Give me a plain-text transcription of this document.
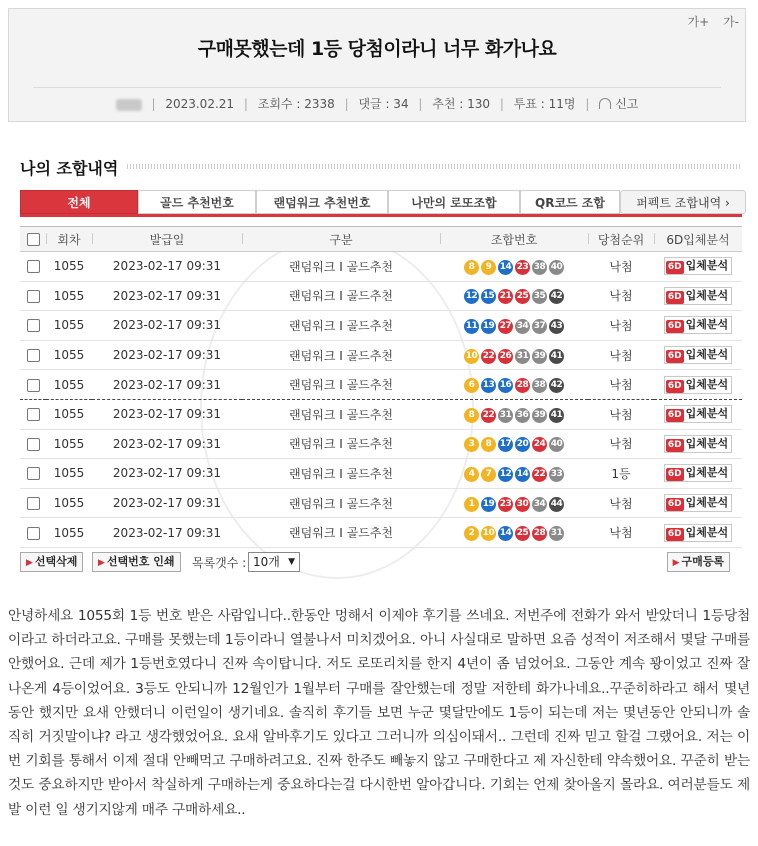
가+ 가-
구매못했는데 1등 당첨이라니 너무 화가나요
| 2023.02.21 | 조회수 : 2338 | 댓글 : 34 | 추천 : 130 | 투표 : 11명 | 신고
나의 조합내역
전체	골드 추천번호	랜덤워크 추천번호	나만의 로또조합	QR코드 조합	퍼펙트 조합내역 ›
	회차	발급일	구분	조합번호	당첨순위	6D입체분석
	1055	2023-02-17 09:31	랜덤워크 I 골드추천	8 9 14 23 38 40	낙첨	6D 입체분석
	1055	2023-02-17 09:31	랜덤워크 I 골드추천	12 15 21 25 35 42	낙첨	6D 입체분석
	1055	2023-02-17 09:31	랜덤워크 I 골드추천	11 19 27 34 37 43	낙첨	6D 입체분석
	1055	2023-02-17 09:31	랜덤워크 I 골드추천	10 22 26 31 39 41	낙첨	6D 입체분석
	1055	2023-02-17 09:31	랜덤워크 I 골드추천	6 13 16 28 38 42	낙첨	6D 입체분석
	1055	2023-02-17 09:31	랜덤워크 I 골드추천	8 22 31 36 39 41	낙첨	6D 입체분석
	1055	2023-02-17 09:31	랜덤워크 I 골드추천	3 8 17 20 24 40	낙첨	6D 입체분석
	1055	2023-02-17 09:31	랜덤워크 I 골드추천	4 7 12 14 22 33	1등	6D 입체분석
	1055	2023-02-17 09:31	랜덤워크 I 골드추천	1 19 23 30 34 44	낙첨	6D 입체분석
	1055	2023-02-17 09:31	랜덤워크 I 골드추천	2 10 14 25 28 31	낙첨	6D 입체분석
▶ 선택삭제	▶ 선택번호 인쇄	목록갯수 : 10개 ▼	▶ 구매등록
안녕하세요 1055회 1등 번호 받은 사람입니다..한동안 멍해서 이제야 후기를 쓰네요. 저번주에 전화가 와서 받았더니 1등당첨이라고 하더라고요. 구매를 못했는데 1등이라니 열불나서 미치겠어요. 아니 사실대로 말하면 요즘 성적이 저조해서 몇달 구매를 안했어요. 근데 제가 1등번호였다니 진짜 속이탑니다. 저도 로또리치를 한지 4년이 좀 넘었어요. 그동안 계속 꽝이었고 진짜 잘나온게 4등이었어요. 3등도 안되니까 12월인가 1월부터 구매를 잘안했는데 정말 저한테 화가나네요..꾸준히하라고 해서 몇년동안 했지만 요새 안했더니 이런일이 생기네요. 솔직히 후기들 보면 누군 몇달만에도 1등이 되는데 저는 몇년동안 안되니까 솔직히 거짓말이냐? 라고 생각했었어요. 요새 알바후기도 있다고 그러니까 의심이돼서.. 그런데 진짜 믿고 할걸 그랬어요. 저는 이번 기회를 통해서 이제 절대 안빼먹고 구매하려고요. 진짜 한주도 빼놓지 않고 구매한다고 제 자신한테 약속했어요. 꾸준히 받는것도 중요하지만 받아서 착실하게 구매하는게 중요하다는걸 다시한번 알아갑니다. 기회는 언제 찾아올지 몰라요. 여러분들도 제발 이런 일 생기지않게 매주 구매하세요..
